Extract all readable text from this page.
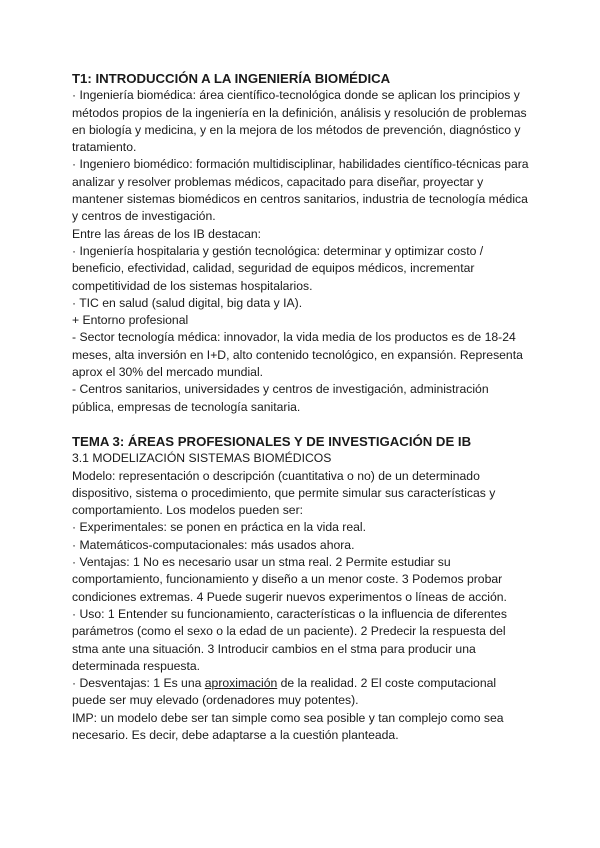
T1: INTRODUCCIÓN A LA INGENIERÍA BIOMÉDICA

· Ingeniería biomédica: área científico-tecnológica donde se aplican los principios y métodos propios de la ingeniería en la definición, análisis y resolución de problemas en biología y medicina, y en la mejora de los métodos de prevención, diagnóstico y tratamiento.

· Ingeniero biomédico: formación multidisciplinar, habilidades científico-técnicas para analizar y resolver problemas médicos, capacitado para diseñar, proyectar y mantener sistemas biomédicos en centros sanitarios, industria de tecnología médica y centros de investigación.

Entre las áreas de los IB destacan:

· Ingeniería hospitalaria y gestión tecnológica: determinar y optimizar costo / beneficio, efectividad, calidad, seguridad de equipos médicos, incrementar competitividad de los sistemas hospitalarios.

· TIC en salud (salud digital, big data y IA).

+ Entorno profesional

- Sector tecnología médica: innovador, la vida media de los productos es de 18-24 meses, alta inversión en I+D, alto contenido tecnológico, en expansión. Representa aprox el 30% del mercado mundial.

- Centros sanitarios, universidades y centros de investigación, administración pública, empresas de tecnología sanitaria.

TEMA 3: ÁREAS PROFESIONALES Y DE INVESTIGACIÓN DE IB

3.1 MODELIZACIÓN SISTEMAS BIOMÉDICOS

Modelo: representación o descripción (cuantitativa o no) de un determinado dispositivo, sistema o procedimiento, que permite simular sus características y comportamiento. Los modelos pueden ser:

· Experimentales: se ponen en práctica en la vida real.

· Matemáticos-computacionales: más usados ahora.

· Ventajas: 1 No es necesario usar un stma real. 2 Permite estudiar su comportamiento, funcionamiento y diseño a un menor coste. 3 Podemos probar condiciones extremas. 4 Puede sugerir nuevos experimentos o líneas de acción.

· Uso: 1 Entender su funcionamiento, características o la influencia de diferentes parámetros (como el sexo o la edad de un paciente). 2 Predecir la respuesta del stma ante una situación. 3 Introducir cambios en el stma para producir una determinada respuesta.

· Desventajas: 1 Es una aproximación de la realidad. 2 El coste computacional puede ser muy elevado (ordenadores muy potentes).

IMP: un modelo debe ser tan simple como sea posible y tan complejo como sea necesario. Es decir, debe adaptarse a la cuestión planteada.
